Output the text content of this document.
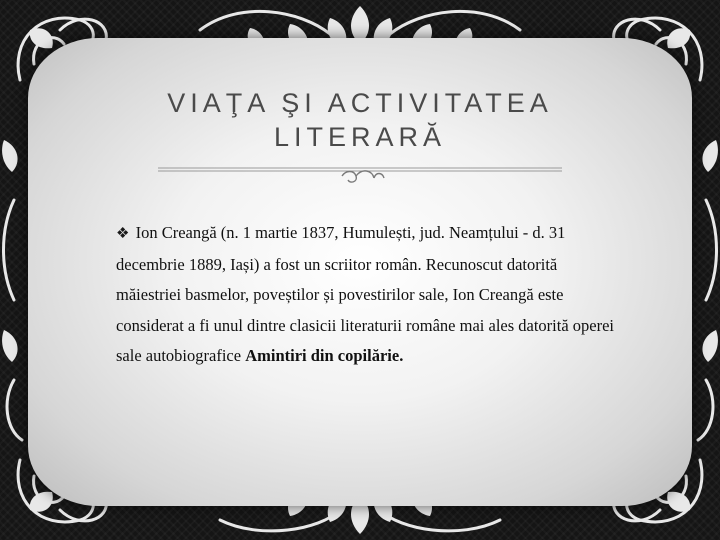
VIAŢA ŞI ACTIVITATEA
LITERARĂ

❖ Ion Creangă (n. 1 martie 1837, Humulești, jud. Neamțului - d. 31 decembrie 1889, Iași) a fost un scriitor român. Recunoscut datorită măiestriei basmelor, poveștilor și povestirilor sale, Ion Creangă este considerat a fi unul dintre clasicii literaturii române mai ales datorită operei sale autobiografice Amintiri din copilărie.
